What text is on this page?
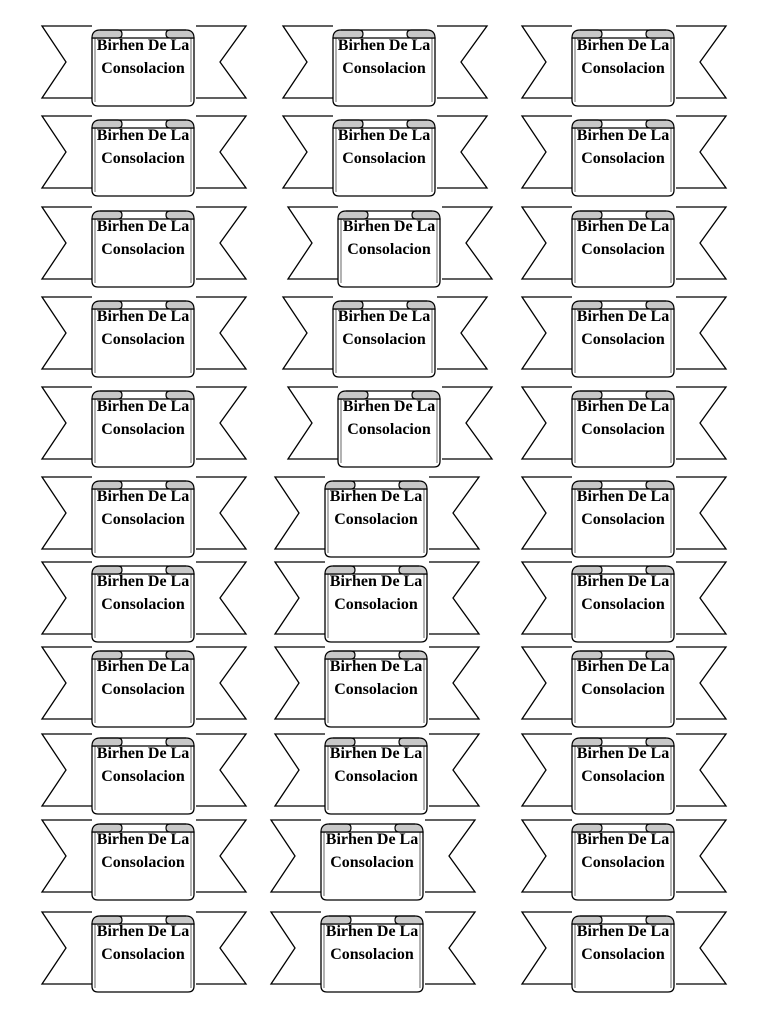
Birhen De La Consolacion
Birhen De La Consolacion
Birhen De La Consolacion
Birhen De La Consolacion
Birhen De La Consolacion
Birhen De La Consolacion
Birhen De La Consolacion
Birhen De La Consolacion
Birhen De La Consolacion
Birhen De La Consolacion
Birhen De La Consolacion
Birhen De La Consolacion
Birhen De La Consolacion
Birhen De La Consolacion
Birhen De La Consolacion
Birhen De La Consolacion
Birhen De La Consolacion
Birhen De La Consolacion
Birhen De La Consolacion
Birhen De La Consolacion
Birhen De La Consolacion
Birhen De La Consolacion
Birhen De La Consolacion
Birhen De La Consolacion
Birhen De La Consolacion
Birhen De La Consolacion
Birhen De La Consolacion
Birhen De La Consolacion
Birhen De La Consolacion
Birhen De La Consolacion
Birhen De La Consolacion
Birhen De La Consolacion
Birhen De La Consolacion
